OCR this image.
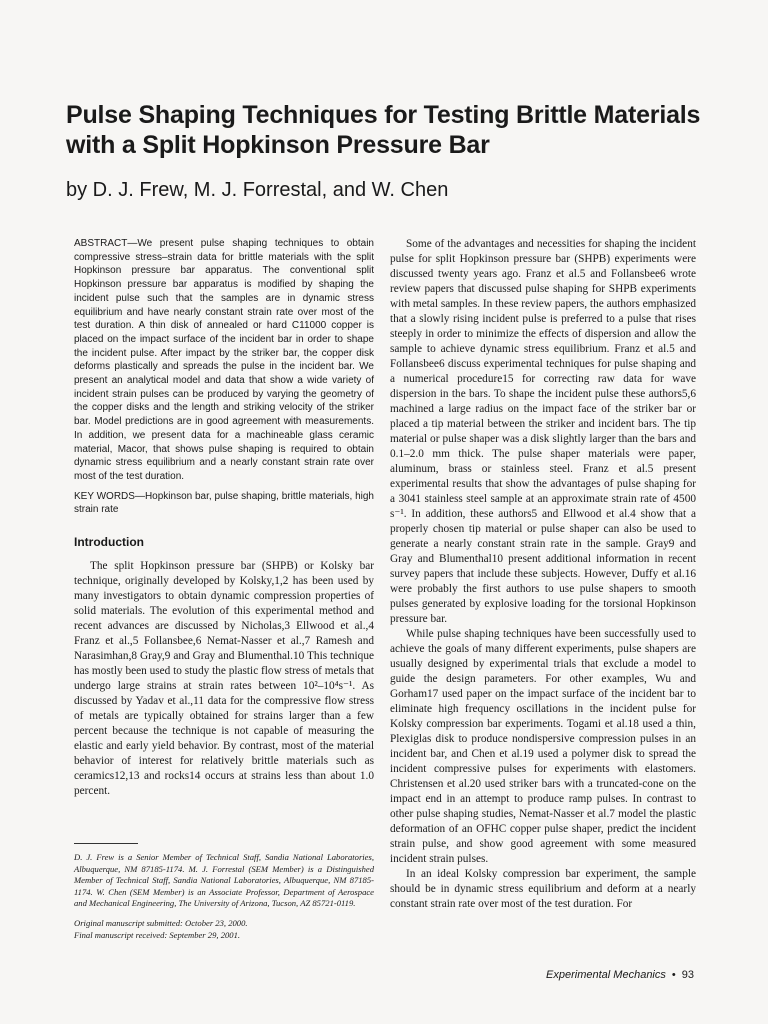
Pulse Shaping Techniques for Testing Brittle Materials with a Split Hopkinson Pressure Bar
by D. J. Frew, M. J. Forrestal, and W. Chen

ABSTRACT—We present pulse shaping techniques to obtain compressive stress–strain data for brittle materials with the split Hopkinson pressure bar apparatus. The conventional split Hopkinson pressure bar apparatus is modified by shaping the incident pulse such that the samples are in dynamic stress equilibrium and have nearly constant strain rate over most of the test duration. A thin disk of annealed or hard C11000 copper is placed on the impact surface of the incident bar in order to shape the incident pulse. After impact by the striker bar, the copper disk deforms plastically and spreads the pulse in the incident bar. We present an analytical model and data that show a wide variety of incident strain pulses can be produced by varying the geometry of the copper disks and the length and striking velocity of the striker bar. Model predictions are in good agreement with measurements. In addition, we present data for a machineable glass ceramic material, Macor, that shows pulse shaping is required to obtain dynamic stress equilibrium and a nearly constant strain rate over most of the test duration.

KEY WORDS—Hopkinson bar, pulse shaping, brittle materials, high strain rate

Introduction

The split Hopkinson pressure bar (SHPB) or Kolsky bar technique, originally developed by Kolsky,1,2 has been used by many investigators to obtain dynamic compression properties of solid materials. The evolution of this experimental method and recent advances are discussed by Nicholas,3 Ellwood et al.,4 Franz et al.,5 Follansbee,6 Nemat-Nasser et al.,7 Ramesh and Narasimhan,8 Gray,9 and Gray and Blumenthal.10 This technique has mostly been used to study the plastic flow stress of metals that undergo large strains at strain rates between 10²–10⁴s⁻¹. As discussed by Yadav et al.,11 data for the compressive flow stress of metals are typically obtained for strains larger than a few percent because the technique is not capable of measuring the elastic and early yield behavior. By contrast, most of the material behavior of interest for relatively brittle materials such as ceramics12,13 and rocks14 occurs at strains less than about 1.0 percent.

D. J. Frew is a Senior Member of Technical Staff, Sandia National Laboratories, Albuquerque, NM 87185-1174. M. J. Forrestal (SEM Member) is a Distinguished Member of Technical Staff, Sandia National Laboratories, Albuquerque, NM 87185-1174. W. Chen (SEM Member) is an Associate Professor, Department of Aerospace and Mechanical Engineering, The University of Arizona, Tucson, AZ 85721-0119.

Original manuscript submitted: October 23, 2000.

Final manuscript received: September 29, 2001.

Some of the advantages and necessities for shaping the incident pulse for split Hopkinson pressure bar (SHPB) experiments were discussed twenty years ago. Franz et al.5 and Follansbee6 wrote review papers that discussed pulse shaping for SHPB experiments with metal samples. In these review papers, the authors emphasized that a slowly rising incident pulse is preferred to a pulse that rises steeply in order to minimize the effects of dispersion and allow the sample to achieve dynamic stress equilibrium. Franz et al.5 and Follansbee6 discuss experimental techniques for pulse shaping and a numerical procedure15 for correcting raw data for wave dispersion in the bars. To shape the incident pulse these authors5,6 machined a large radius on the impact face of the striker bar or placed a tip material between the striker and incident bars. The tip material or pulse shaper was a disk slightly larger than the bars and 0.1–2.0 mm thick. The pulse shaper materials were paper, aluminum, brass or stainless steel. Franz et al.5 present experimental results that show the advantages of pulse shaping for a 3041 stainless steel sample at an approximate strain rate of 4500 s⁻¹. In addition, these authors5 and Ellwood et al.4 show that a properly chosen tip material or pulse shaper can also be used to generate a nearly constant strain rate in the sample. Gray9 and Gray and Blumenthal10 present additional information in recent survey papers that include these subjects. However, Duffy et al.16 were probably the first authors to use pulse shapers to smooth pulses generated by explosive loading for the torsional Hopkinson pressure bar.

While pulse shaping techniques have been successfully used to achieve the goals of many different experiments, pulse shapers are usually designed by experimental trials that exclude a model to guide the design parameters. For other examples, Wu and Gorham17 used paper on the impact surface of the incident bar to eliminate high frequency oscillations in the incident pulse for Kolsky compression bar experiments. Togami et al.18 used a thin, Plexiglas disk to produce nondispersive compression pulses in an incident bar, and Chen et al.19 used a polymer disk to spread the incident compressive pulses for experiments with elastomers. Christensen et al.20 used striker bars with a truncated-cone on the impact end in an attempt to produce ramp pulses. In contrast to other pulse shaping studies, Nemat-Nasser et al.7 model the plastic deformation of an OFHC copper pulse shaper, predict the incident strain pulse, and show good agreement with some measured incident strain pulses.

In an ideal Kolsky compression bar experiment, the sample should be in dynamic stress equilibrium and deform at a nearly constant strain rate over most of the test duration. For

Experimental Mechanics • 93
